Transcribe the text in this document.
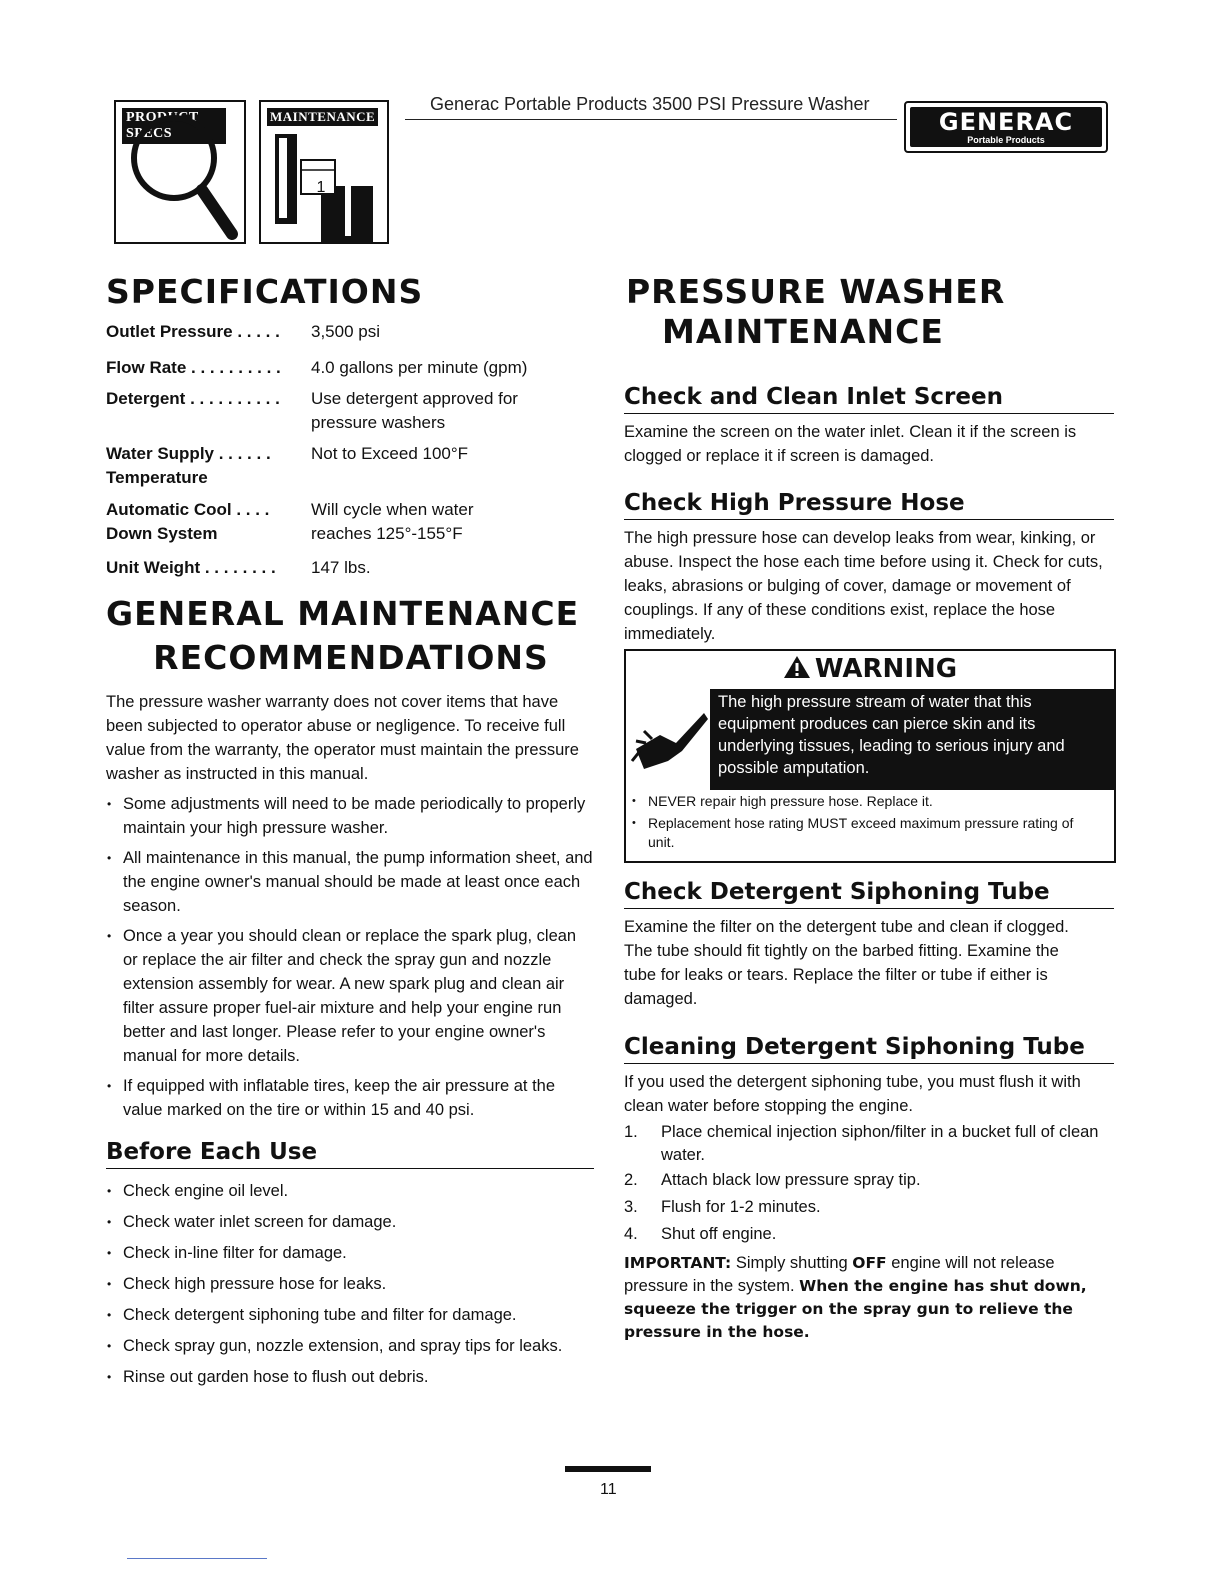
PRODUCT SPECS
MAINTENANCE
1
Generac Portable Products 3500 PSI Pressure Washer
GENERAC
Portable Products
SPECIFICATIONS
Outlet Pressure . . . . . 3,500 psi
Flow Rate . . . . . . . . . . 4.0 gallons per minute (gpm)
Detergent . . . . . . . . . . Use detergent approved for
pressure washers
Water Supply . . . . . .
Temperature
Not to Exceed 100°F
Automatic Cool . . . .
Down System
Will cycle when water
reaches 125°-155°F
Unit Weight . . . . . . . . 147 lbs.
GENERAL MAINTENANCE
RECOMMENDATIONS
The pressure washer warranty does not cover items that have been subjected to operator abuse or negligence. To receive full value from the warranty, the operator must maintain the pressure washer as instructed in this manual.
• Some adjustments will need to be made periodically to properly maintain your high pressure washer.
• All maintenance in this manual, the pump information sheet, and the engine owner's manual should be made at least once each season.
• Once a year you should clean or replace the spark plug, clean or replace the air filter and check the spray gun and nozzle extension assembly for wear. A new spark plug and clean air filter assure proper fuel-air mixture and help your engine run better and last longer. Please refer to your engine owner's manual for more details.
• If equipped with inflatable tires, keep the air pressure at the value marked on the tire or within 15 and 40 psi.
Before Each Use
• Check engine oil level.
• Check water inlet screen for damage.
• Check in-line filter for damage.
• Check high pressure hose for leaks.
• Check detergent siphoning tube and filter for damage.
• Check spray gun, nozzle extension, and spray tips for leaks.
• Rinse out garden hose to flush out debris.
PRESSURE WASHER
MAINTENANCE
Check and Clean Inlet Screen
Examine the screen on the water inlet. Clean it if the screen is clogged or replace it if screen is damaged.
Check High Pressure Hose
The high pressure hose can develop leaks from wear, kinking, or abuse. Inspect the hose each time before using it. Check for cuts, leaks, abrasions or bulging of cover, damage or movement of couplings. If any of these conditions exist, replace the hose immediately.
WARNING
The high pressure stream of water that this equipment produces can pierce skin and its underlying tissues, leading to serious injury and possible amputation.
• NEVER repair high pressure hose. Replace it.
• Replacement hose rating MUST exceed maximum pressure rating of unit.
Check Detergent Siphoning Tube
Examine the filter on the detergent tube and clean if clogged. The tube should fit tightly on the barbed fitting. Examine the tube for leaks or tears. Replace the filter or tube if either is damaged.
Cleaning Detergent Siphoning Tube
If you used the detergent siphoning tube, you must flush it with clean water before stopping the engine.
1. Place chemical injection siphon/filter in a bucket full of clean water.
2. Attach black low pressure spray tip.
3. Flush for 1-2 minutes.
4. Shut off engine.
IMPORTANT: Simply shutting OFF engine will not release pressure in the system. When the engine has shut down, squeeze the trigger on the spray gun to relieve the pressure in the hose.
11
